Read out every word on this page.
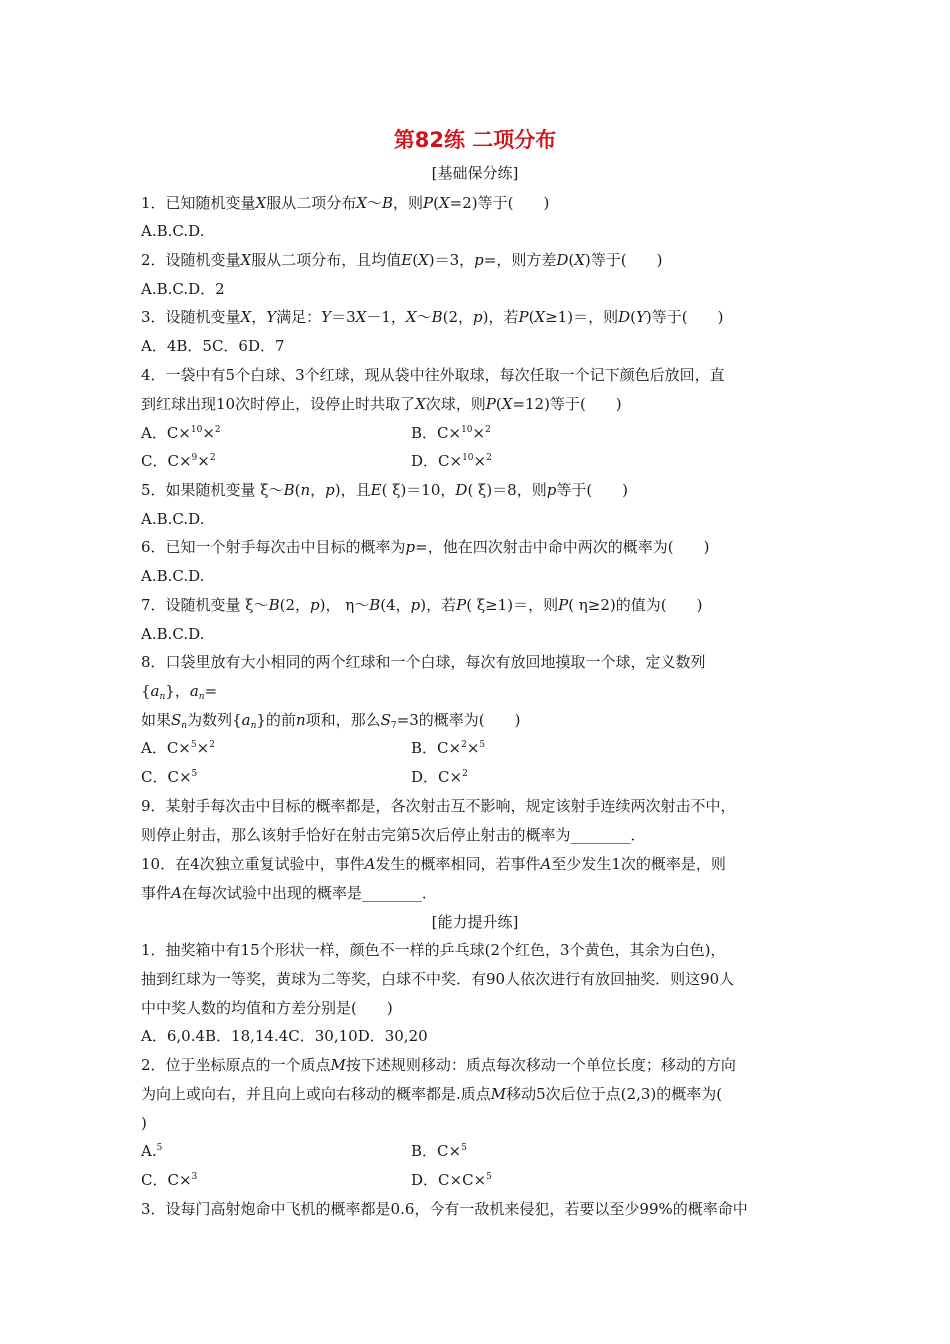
第82练 二项分布
[基础保分练]
1．已知随机变量X服从二项分布X～B，则P(X=2)等于(　　)
A.B.C.D.
2．设随机变量X服从二项分布，且均值E(X)＝3，p=，则方差D(X)等于(　　)
A.B.C.D．2
3．设随机变量X，Y满足：Y＝3X－1，X～B(2，p)，若P(X≥1)＝，则D(Y)等于(　　)
A．4B．5C．6D．7
4．一袋中有5个白球、3个红球，现从袋中往外取球，每次任取一个记下颜色后放回，直
到红球出现10次时停止，设停止时共取了X次球，则P(X=12)等于(　　)
A．C×$^{10}$×$^2$	B．C×$^{10}$×$^2$
C．C×$^9$×$^2$	D．C×$^{10}$×$^2$
5．如果随机变量 ξ～B(n，p)，且E( ξ)＝10，D( ξ)＝8，则p等于(　　)
A.B.C.D.
6．已知一个射手每次击中目标的概率为p=，他在四次射击中命中两次的概率为(　　)
A.B.C.D.
7．设随机变量 ξ～B(2，p)， η～B(4，p)，若P( ξ≥1)＝，则P( η≥2)的值为(　　)
A.B.C.D.
8．口袋里放有大小相同的两个红球和一个白球，每次有放回地摸取一个球，定义数列
$\{a_n\}$，$a_n=$
如果$S_n$为数列$\{a_n\}$的前n项和，那么$S_7=3$的概率为(　　)
A．C×$^5$×$^2$	B．C×$^2$×$^5$
C．C×$^5$	D．C×$^2$
9．某射手每次击中目标的概率都是，各次射击互不影响，规定该射手连续两次射击不中，
则停止射击，那么该射手恰好在射击完第5次后停止射击的概率为________．
10．在4次独立重复试验中，事件A发生的概率相同，若事件A至少发生1次的概率是，则
事件A在每次试验中出现的概率是________．
[能力提升练]
1．抽奖箱中有15个形状一样，颜色不一样的乒乓球(2个红色，3个黄色，其余为白色)，
抽到红球为一等奖，黄球为二等奖，白球不中奖．有90人依次进行有放回抽奖．则这90人
中中奖人数的均值和方差分别是(　　)
A．6,0.4B．18,14.4C．30,10D．30,20
2．位于坐标原点的一个质点M按下述规则移动：质点每次移动一个单位长度；移动的方向
为向上或向右，并且向上或向右移动的概率都是.质点M移动5次后位于点(2,3)的概率为(
)
A.$^5$	B．C×$^5$
C．C×$^3$	D．C×C×$^5$
3．设每门高射炮命中飞机的概率都是0.6，今有一敌机来侵犯，若要以至少99%的概率命中
